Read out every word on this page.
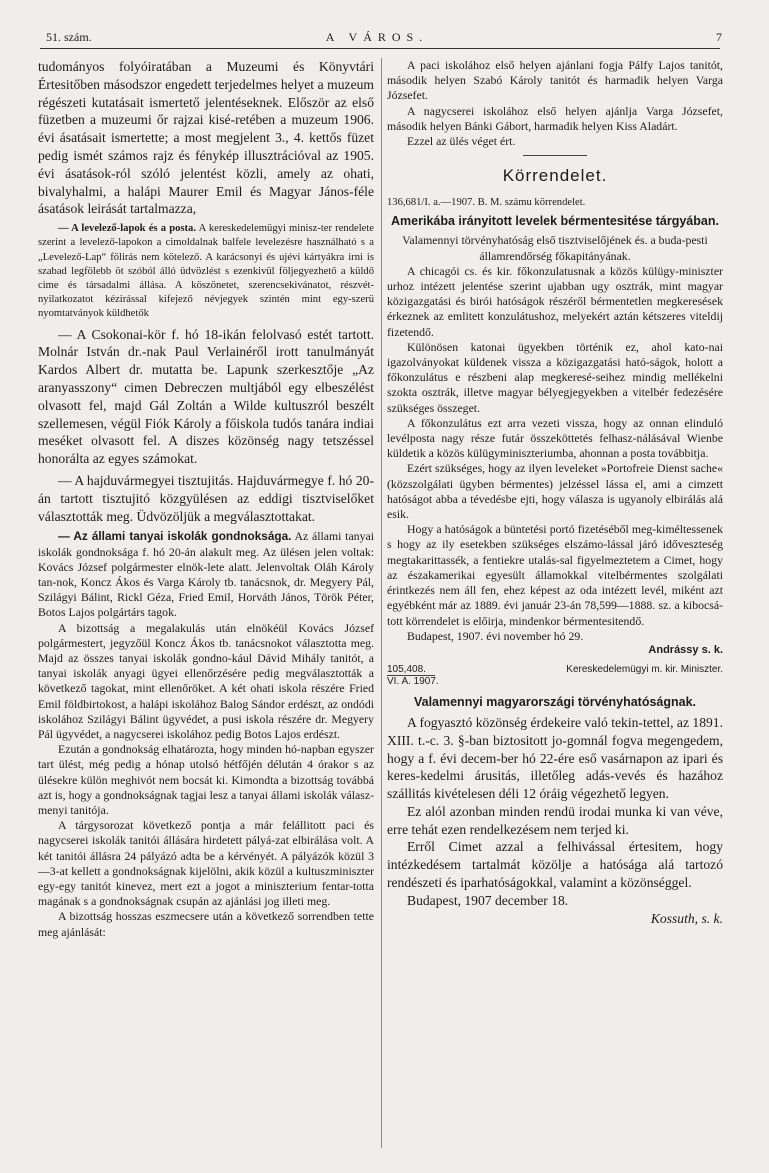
51. szám.	A VÁROS.	7

tudományos folyóiratában a Muzeumi és Könyvtári Értesitőben másodszor engedett terjedelmes helyet a muzeum régészeti kutatásait ismertető jelentéseknek. Először az első füzetben a muzeumi őr rajzai kisé-retében a muzeum 1906. évi ásatásait ismertette; a most megjelent 3., 4. kettős füzet pedig ismét számos rajz és fénykép illusztrációval az 1905. évi ásatások-ról szóló jelentést közli, amely az ohati, bivalyhalmi, a halápi Maurer Emil és Magyar János-féle ásatások leirását tartalmazza,

— A levelező-lapok és a posta. A kereskedelemügyi minisz-ter rendelete szerint a levelező-lapokon a cimoldalnak balfele levelezésre használható s a „Levelező-Lap“ fölirás nem kötelező. A karácsonyi és ujévi kártyákra irni is szabad legfölebb öt szóból álló üdvözlést s ezenkivül följegyezhető a küldő cime és társadalmi állása. A köszönetet, szerencsekivánatot, részvét-nyilatkozatot kézirással kifejező névjegyek szintén mint egy-szerü nyomtatványok küldhetők

— A Csokonai-kör f. hó 18-ikán felolvasó estét tartott. Molnár István dr.-nak Paul Verlainéről irott tanulmányát Kardos Albert dr. mutatta be. Lapunk szerkesztője „Az aranyasszony“ cimen Debreczen multjából egy elbeszélést olvasott fel, majd Gál Zoltán a Wilde kultuszról beszélt szellemesen, végül Fiók Károly a főiskola tudós tanára indiai meséket olvasott fel. A diszes közönség nagy tetszéssel honorálta az egyes számokat.

— A hajduvármegyei tisztujitás. Hajduvármegye f. hó 20-án tartott tisztujitó közgyülésen az eddigi tisztviselőket választották meg. Üdvözöljük a megválasztottakat.

— Az állami tanyai iskolák gondnoksága. Az állami tanyai iskolák gondnoksága f. hó 20-án alakult meg. Az ülésen jelen voltak: Kovács József polgármester elnök-lete alatt. Jelenvoltak Oláh Károly tan-nok, Koncz Ákos és Varga Károly tb. tanácsnok, dr. Megyery Pál, Szilágyi Bálint, Rickl Géza, Fried Emil, Horváth János, Török Péter, Botos Lajos polgártárs tagok.

A bizottság a megalakulás után elnökéül Kovács József polgármestert, jegyzőül Koncz Ákos tb. tanácsnokot választotta meg. Majd az összes tanyai iskolák gondno-kául Dávid Mihály tanitót, a tanyai iskolák anyagi ügyei ellenőrzésére pedig megválasztották a következő tagokat, mint ellenőröket. A két ohati iskola részére Fried Emil földbirtokost, a halápi iskolához Balog Sándor erdészt, az ondódi iskolához Szilágyi Bálint ügyvédet, a pusi iskola részére dr. Megyery Pál ügyvédet, a nagycserei iskolához pedig Botos Lajos erdészt.

Ezután a gondnokság elhatározta, hogy minden hó-napban egyszer tart ülést, még pedig a hónap utolsó hétfőjén délután 4 órakor s az ülésekre külön meghivót nem bocsát ki. Kimondta a bizottság továbbá azt is, hogy a gondnokságnak tagjai lesz a tanyai állami iskolák válasz-menyi tanitója.

A tárgysorozat következő pontja a már felállitott paci és nagycserei iskolák tanitói állására hirdetett pályá-zat elbirálása volt. A két tanitói állásra 24 pályázó adta be a kérvényét. A pályázók közül 3—3-at kellett a gondnokságnak kijelölni, akik közül a kultuszminiszter egy-egy tanitót kinevez, mert ezt a jogot a miniszterium fentar-totta magának s a gondnokságnak csupán az ajánlási jog illeti meg.

A bizottság hosszas eszmecsere után a következő sorrendben tette meg ajánlását:

A paci iskolához első helyen ajánlani fogja Pálfy Lajos tanitót, második helyen Szabó Károly tanitót és harmadik helyen Varga Józsefet.

A nagycserei iskolához első helyen ajánlja Varga Józsefet, második helyen Bánki Gábort, harmadik helyen Kiss Aladárt.

Ezzel az ülés véget ért.

Körrendelet.

136,681/I. a.—1907. B. M. számu körrendelet.

Amerikába irányitott levelek bérmentesitése tárgyában.

Valamennyi törvényhatóság első tisztviselőjének és. a buda-pesti államrendőrség főkapitányának.

A chicagói cs. és kir. főkonzulatusnak a közös külügy-miniszter urhoz intézett jelentése szerint ujabban ugy osztrák, mint magyar közigazgatási és birói hatóságok részéről bérmentetlen megkeresések érkeznek az emlitett konzulátushoz, melyekért aztán kétszeres viteldij fizetendő.

Különösen katonai ügyekben történik ez, ahol kato-nai igazolványokat küldenek vissza a közigazgatási ható-ságok, holott a főkonzulátus e részbeni alap megkeresé-seihez mindig mellékelni szokta osztrák, illetve magyar bélyegjegyekben a vitelbér fedezésére szükséges összeget.

A főkonzulátus ezt arra vezeti vissza, hogy az onnan elinduló levélposta nagy része futár összeköttetés felhasz-nálásával Wienbe küldetik a közös külügyminiszteriumba, ahonnan a posta továbbitja.

Ezért szükséges, hogy az ilyen leveleket »Portofreie Dienst sache« (közszolgálati ügyben bérmentes) jelzéssel lássa el, ami a cimzett hatóságot abba a tévedésbe ejti, hogy válasza is ugyanoly elbirálás alá esik.

Hogy a hatóságok a büntetési portó fizetéséből meg-kiméltessenek s hogy az ily esetekben szükséges elszámo-lással járó időveszteség megtakarittassék, a fentiekre utalás-sal figyelmeztetem a Cimet, hogy az északamerikai egyesült államokkal vitelbérmentes szolgálati érintkezés nem áll fen, ehez képest az oda intézett levél, miként azt egyébként már az 1889. évi január 23-án 78,599—1888. sz. a kibocsá-tott körrendelet is előirja, mindenkor bérmentesitendő.

Budapest, 1907. évi november hó 29.

Andrássy s. k.

105,408.
VI. A. 1907.
Kereskedelemügyi m. kir. Miniszter.
Valamennyi magyarországi törvényhatóságnak.

A fogyasztó közönség érdekeire való tekin-tettel, az 1891. XIII. t.-c. 3. §-ban biztositott jo-gomnál fogva megengedem, hogy a f. évi decem-ber hó 22-ére eső vasárnapon az ipari és keres-kedelmi árusitás, illetőleg adás-vevés és hazához szállitás kivételesen déli 12 óráig végezhető legyen.

Ez alól azonban minden rendü irodai munka ki van véve, erre tehát ezen rendelkezésem nem terjed ki.

Erről Cimet azzal a felhivással értesitem, hogy intézkedésem tartalmát közölje a hatósága alá tartozó rendészeti és iparhatóságokkal, valamint a közönséggel.

Budapest, 1907 december 18.

Kossuth, s. k.
